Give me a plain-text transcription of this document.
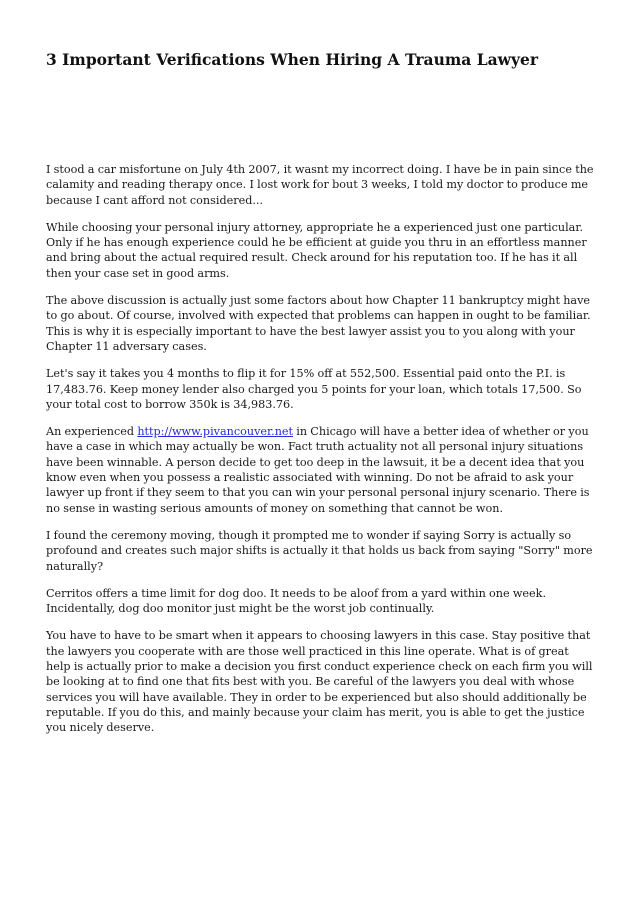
3 Important Verifications When Hiring A Trauma Lawyer

I stood a car misfortune on July 4th 2007, it wasnt my incorrect doing. I have be in pain since the calamity and reading therapy once. I lost work for bout 3 weeks, I told my doctor to produce me because I cant afford not considered...

While choosing your personal injury attorney, appropriate he a experienced just one particular. Only if he has enough experience could he be efficient at guide you thru in an effortless manner and bring about the actual required result. Check around for his reputation too. If he has it all then your case set in good arms.

The above discussion is actually just some factors about how Chapter 11 bankruptcy might have to go about. Of course, involved with expected that problems can happen in ought to be familiar. This is why it is especially important to have the best lawyer assist you to you along with your Chapter 11 adversary cases.

Let's say it takes you 4 months to flip it for 15% off at 552,500. Essential paid onto the P.I. is 17,483.76. Keep money lender also charged you 5 points for your loan, which totals 17,500. So your total cost to borrow 350k is 34,983.76.

An experienced http://www.pivancouver.net in Chicago will have a better idea of whether or you have a case in which may actually be won. Fact truth actuality not all personal injury situations have been winnable. A person decide to get too deep in the lawsuit, it be a decent idea that you know even when you possess a realistic associated with winning. Do not be afraid to ask your lawyer up front if they seem to that you can win your personal personal injury scenario. There is no sense in wasting serious amounts of money on something that cannot be won.

I found the ceremony moving, though it prompted me to wonder if saying Sorry is actually so profound and creates such major shifts is actually it that holds us back from saying "Sorry" more naturally?

Cerritos offers a time limit for dog doo. It needs to be aloof from a yard within one week. Incidentally, dog doo monitor just might be the worst job continually.

You have to have to be smart when it appears to choosing lawyers in this case. Stay positive that the lawyers you cooperate with are those well practiced in this line operate. What is of great help is actually prior to make a decision you first conduct experience check on each firm you will be looking at to find one that fits best with you. Be careful of the lawyers you deal with whose services you will have available. They in order to be experienced but also should additionally be reputable. If you do this, and mainly because your claim has merit, you is able to get the justice you nicely deserve.
